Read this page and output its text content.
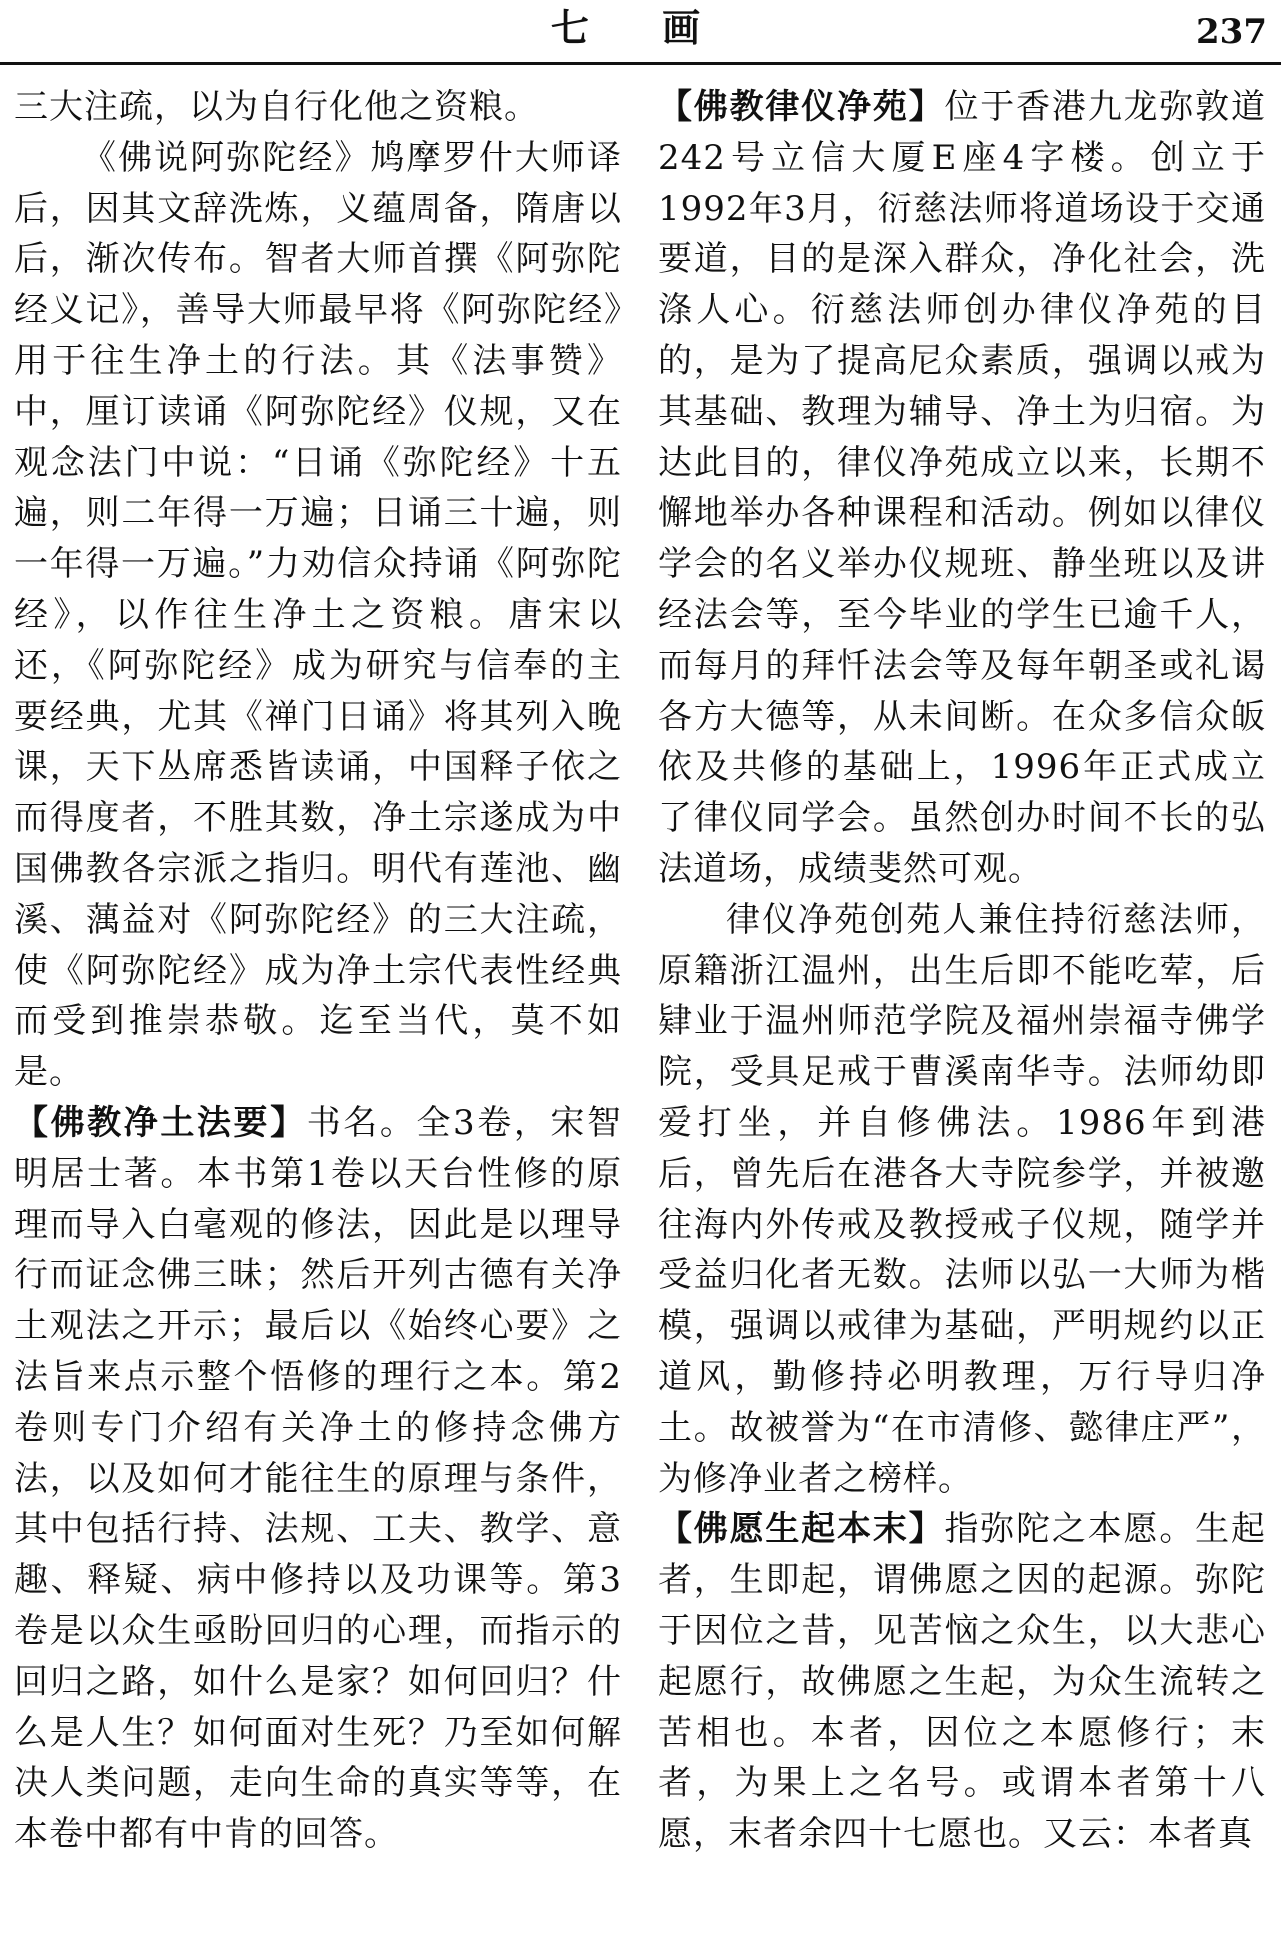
七 画	237

三大注疏，以为自行化他之资粮。

《佛说阿弥陀经》鸠摩罗什大师译后，因其文辞洗炼，义蕴周备，隋唐以后，渐次传布。智者大师首撰《阿弥陀经义记》，善导大师最早将《阿弥陀经》用于往生净土的行法。其《法事赞》中，厘订读诵《阿弥陀经》仪规，又在观念法门中说：“日诵《弥陀经》十五遍，则二年得一万遍；日诵三十遍，则一年得一万遍。”力劝信众持诵《阿弥陀经》，以作往生净土之资粮。唐宋以还，《阿弥陀经》成为研究与信奉的主要经典，尤其《禅门日诵》将其列入晚课，天下丛席悉皆读诵，中国释子依之而得度者，不胜其数，净土宗遂成为中国佛教各宗派之指归。明代有莲池、幽溪、蕅益对《阿弥陀经》的三大注疏，使《阿弥陀经》成为净土宗代表性经典而受到推崇恭敬。迄至当代，莫不如是。

【佛教净土法要】书名。全3卷，宋智明居士著。本书第1卷以天台性修的原理而导入白毫观的修法，因此是以理导行而证念佛三昧；然后开列古德有关净土观法之开示；最后以《始终心要》之法旨来点示整个悟修的理行之本。第2卷则专门介绍有关净土的修持念佛方法，以及如何才能往生的原理与条件，其中包括行持、法规、工夫、教学、意趣、释疑、病中修持以及功课等。第3卷是以众生亟盼回归的心理，而指示的回归之路，如什么是家？如何回归？什么是人生？如何面对生死？乃至如何解决人类问题，走向生命的真实等等，在本卷中都有中肯的回答。

【佛教律仪净苑】位于香港九龙弥敦道242号立信大厦E座4字楼。创立于1992年3月，衍慈法师将道场设于交通要道，目的是深入群众，净化社会，洗涤人心。衍慈法师创办律仪净苑的目的，是为了提高尼众素质，强调以戒为其基础、教理为辅导、净土为归宿。为达此目的，律仪净苑成立以来，长期不懈地举办各种课程和活动。例如以律仪学会的名义举办仪规班、静坐班以及讲经法会等，至今毕业的学生已逾千人，而每月的拜忏法会等及每年朝圣或礼谒各方大德等，从未间断。在众多信众皈依及共修的基础上，1996年正式成立了律仪同学会。虽然创办时间不长的弘法道场，成绩斐然可观。

律仪净苑创苑人兼住持衍慈法师，原籍浙江温州，出生后即不能吃荤，后肄业于温州师范学院及福州崇福寺佛学院，受具足戒于曹溪南华寺。法师幼即爱打坐，并自修佛法。1986年到港后，曾先后在港各大寺院参学，并被邀往海内外传戒及教授戒子仪规，随学并受益归化者无数。法师以弘一大师为楷模，强调以戒律为基础，严明规约以正道风，勤修持必明教理，万行导归净土。故被誉为“在市清修、懿律庄严”，为修净业者之榜样。

【佛愿生起本末】指弥陀之本愿。生起者，生即起，谓佛愿之因的起源。弥陀于因位之昔，见苦恼之众生，以大悲心起愿行，故佛愿之生起，为众生流转之苦相也。本者，因位之本愿修行；末者，为果上之名号。或谓本者第十八愿，末者余四十七愿也。又云：本者真
